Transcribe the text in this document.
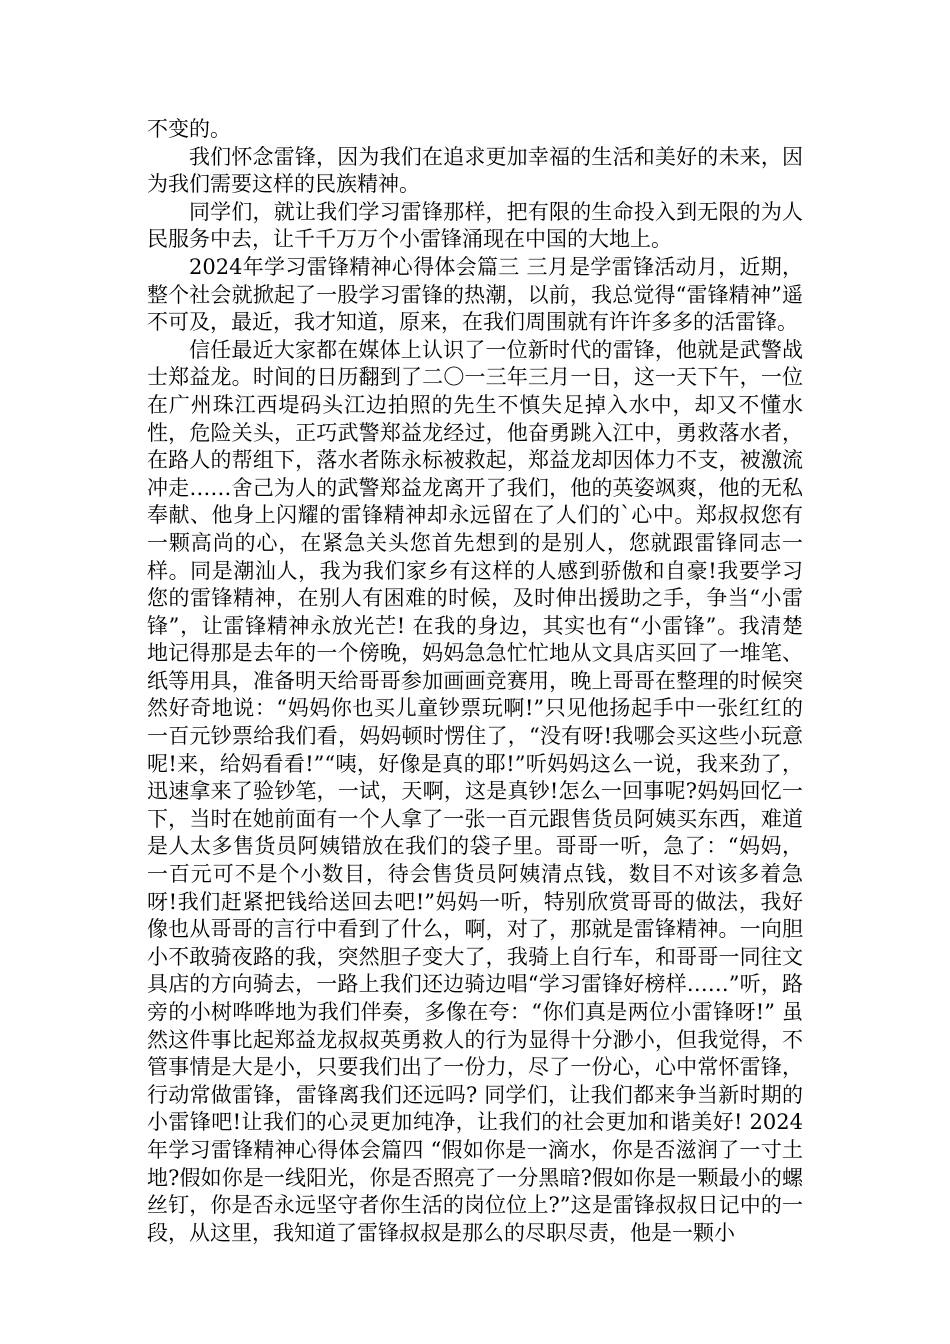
不变的。

我们怀念雷锋，因为我们在追求更加幸福的生活和美好的未来，因为我们需要这样的民族精神。

同学们，就让我们学习雷锋那样，把有限的生命投入到无限的为人民服务中去，让千千万万个小雷锋涌现在中国的大地上。

2024年学习雷锋精神心得体会篇三 三月是学雷锋活动月，近期，整个社会就掀起了一股学习雷锋的热潮，以前，我总觉得“雷锋精神”遥不可及，最近，我才知道，原来，在我们周围就有许许多多的活雷锋。

信任最近大家都在媒体上认识了一位新时代的雷锋，他就是武警战士郑益龙。时间的日历翻到了二〇一三年三月一日，这一天下午，一位在广州珠江西堤码头江边拍照的先生不慎失足掉入水中，却又不懂水性，危险关头，正巧武警郑益龙经过，他奋勇跳入江中，勇救落水者，在路人的帮组下，落水者陈永标被救起，郑益龙却因体力不支，被激流冲走……舍己为人的武警郑益龙离开了我们，他的英姿飒爽，他的无私奉献、他身上闪耀的雷锋精神却永远留在了人们的`心中。郑叔叔您有一颗高尚的心，在紧急关头您首先想到的是别人，您就跟雷锋同志一样。同是潮汕人，我为我们家乡有这样的人感到骄傲和自豪!我要学习您的雷锋精神，在别人有困难的时候，及时伸出援助之手，争当“小雷锋”，让雷锋精神永放光芒! 在我的身边，其实也有“小雷锋”。我清楚地记得那是去年的一个傍晚，妈妈急急忙忙地从文具店买回了一堆笔、纸等用具，准备明天给哥哥参加画画竞赛用，晚上哥哥在整理的时候突然好奇地说：“妈妈你也买儿童钞票玩啊!”只见他扬起手中一张红红的一百元钞票给我们看，妈妈顿时愣住了，“没有呀!我哪会买这些小玩意呢!来，给妈看看!”“咦，好像是真的耶!”听妈妈这么一说，我来劲了，迅速拿来了验钞笔，一试，天啊，这是真钞!怎么一回事呢?妈妈回忆一下，当时在她前面有一个人拿了一张一百元跟售货员阿姨买东西，难道是人太多售货员阿姨错放在我们的袋子里。哥哥一听，急了：“妈妈，一百元可不是个小数目，待会售货员阿姨清点钱，数目不对该多着急呀!我们赶紧把钱给送回去吧!”妈妈一听，特别欣赏哥哥的做法，我好像也从哥哥的言行中看到了什么，啊，对了，那就是雷锋精神。一向胆小不敢骑夜路的我，突然胆子变大了，我骑上自行车，和哥哥一同往文具店的方向骑去，一路上我们还边骑边唱“学习雷锋好榜样……”听，路旁的小树哗哗地为我们伴奏，多像在夸：“你们真是两位小雷锋呀!” 虽然这件事比起郑益龙叔叔英勇救人的行为显得十分渺小，但我觉得，不管事情是大是小，只要我们出了一份力，尽了一份心，心中常怀雷锋，行动常做雷锋，雷锋离我们还远吗? 同学们，让我们都来争当新时期的小雷锋吧!让我们的心灵更加纯净，让我们的社会更加和谐美好! 2024年学习雷锋精神心得体会篇四 “假如你是一滴水，你是否滋润了一寸土地?假如你是一线阳光，你是否照亮了一分黑暗?假如你是一颗最小的螺丝钉，你是否永远坚守者你生活的岗位位上?”这是雷锋叔叔日记中的一段，从这里，我知道了雷锋叔叔是那么的尽职尽责，他是一颗小
